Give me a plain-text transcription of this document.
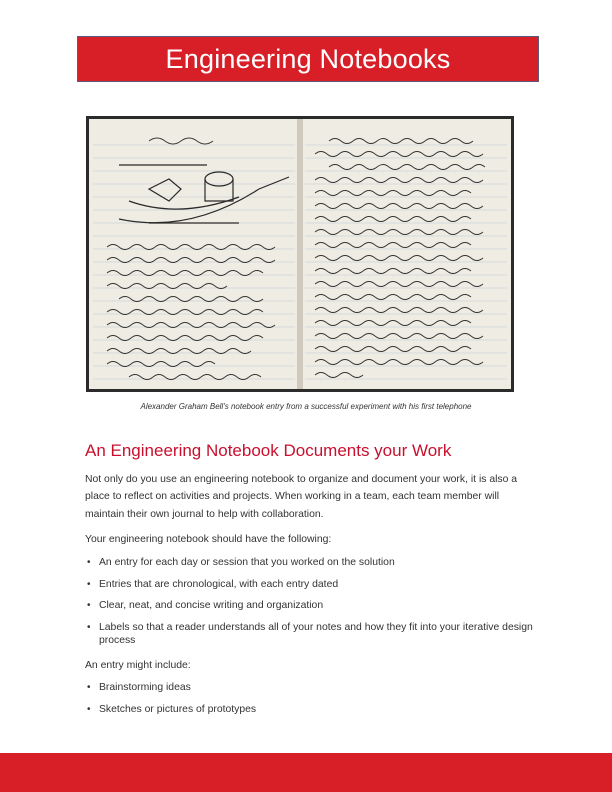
Engineering Notebooks
Alexander Graham Bell's notebook entry from a successful experiment with his first telephone
An Engineering Notebook Documents your Work

Not only do you use an engineering notebook to organize and document your work, it is also a place to reflect on activities and projects. When working in a team, each team member will maintain their own journal to help with collaboration.

Your engineering notebook should have the following:

• An entry for each day or session that you worked on the solution
• Entries that are chronological, with each entry dated
• Clear, neat, and concise writing and organization
• Labels so that a reader understands all of your notes and how they fit into your iterative design process

An entry might include:

• Brainstorming ideas
• Sketches or pictures of prototypes
